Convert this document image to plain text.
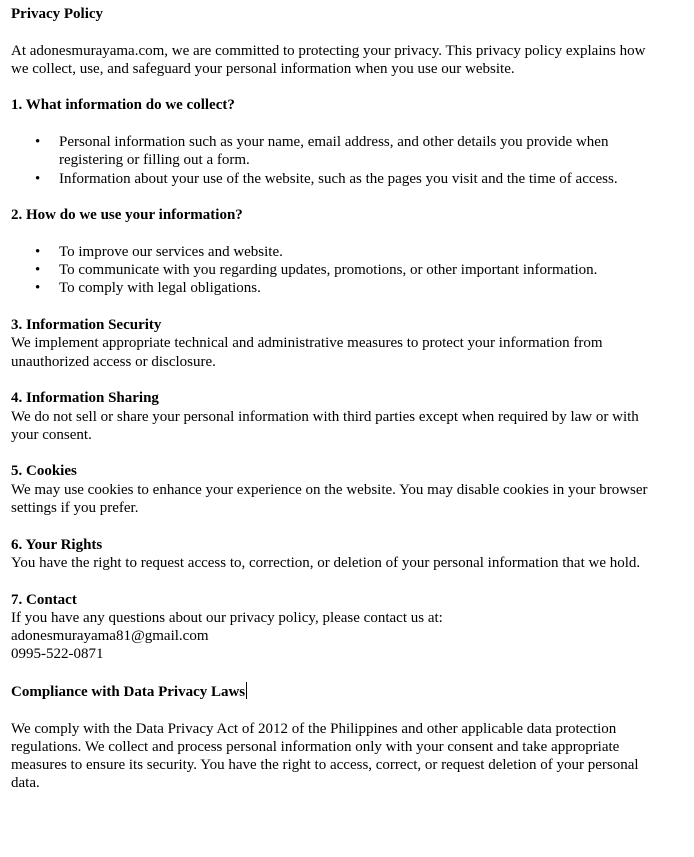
Privacy Policy

At adonesmurayama.com, we are committed to protecting your privacy. This privacy policy explains how we collect, use, and safeguard your personal information when you use our website.

1. What information do we collect?

• Personal information such as your name, email address, and other details you provide when registering or filling out a form.
• Information about your use of the website, such as the pages you visit and the time of access.

2. How do we use your information?

• To improve our services and website.
• To communicate with you regarding updates, promotions, or other important information.
• To comply with legal obligations.

3. Information Security

We implement appropriate technical and administrative measures to protect your information from unauthorized access or disclosure.

4. Information Sharing

We do not sell or share your personal information with third parties except when required by law or with your consent.

5. Cookies

We may use cookies to enhance your experience on the website. You may disable cookies in your browser settings if you prefer.

6. Your Rights

You have the right to request access to, correction, or deletion of your personal information that we hold.

7. Contact

If you have any questions about our privacy policy, please contact us at:

adonesmurayama81@gmail.com

0995-522-0871

Compliance with Data Privacy Laws

We comply with the Data Privacy Act of 2012 of the Philippines and other applicable data protection regulations. We collect and process personal information only with your consent and take appropriate measures to ensure its security. You have the right to access, correct, or request deletion of your personal data.
